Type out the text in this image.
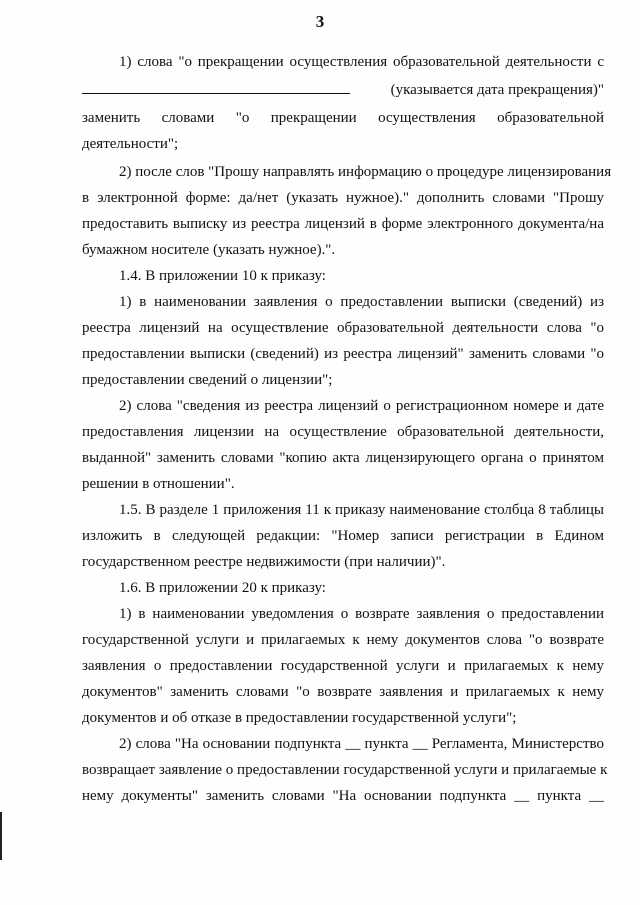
3
1) слова "о прекращении осуществления образовательной деятельности с
(указывается дата прекращения)"
заменить словами "о прекращении осуществления образовательной
деятельности";
2) после слов "Прошу направлять информацию о процедуре лицензирования
в электронной форме: да/нет (указать нужное)." дополнить словами "Прошу
предоставить выписку из реестра лицензий в форме электронного документа/на
бумажном носителе (указать нужное).".
1.4. В приложении 10 к приказу:
1) в наименовании заявления о предоставлении выписки (сведений) из
реестра лицензий на осуществление образовательной деятельности слова "о
предоставлении выписки (сведений) из реестра лицензий" заменить словами "о
предоставлении сведений о лицензии";
2) слова "сведения из реестра лицензий о регистрационном номере и дате
предоставления лицензии на осуществление образовательной деятельности,
выданной" заменить словами "копию акта лицензирующего органа о принятом
решении в отношении".
1.5. В разделе 1 приложения 11 к приказу наименование столбца 8 таблицы
изложить в следующей редакции: "Номер записи регистрации в Едином
государственном реестре недвижимости (при наличии)".
1.6. В приложении 20 к приказу:
1) в наименовании уведомления о возврате заявления о предоставлении
государственной услуги и прилагаемых к нему документов слова "о возврате
заявления о предоставлении государственной услуги и прилагаемых к нему
документов" заменить словами "о возврате заявления и прилагаемых к нему
документов и об отказе в предоставлении государственной услуги";
2) слова "На основании подпункта __ пункта __ Регламента, Министерство
возвращает заявление о предоставлении государственной услуги и прилагаемые к
нему документы" заменить словами "На основании подпункта __ пункта __
